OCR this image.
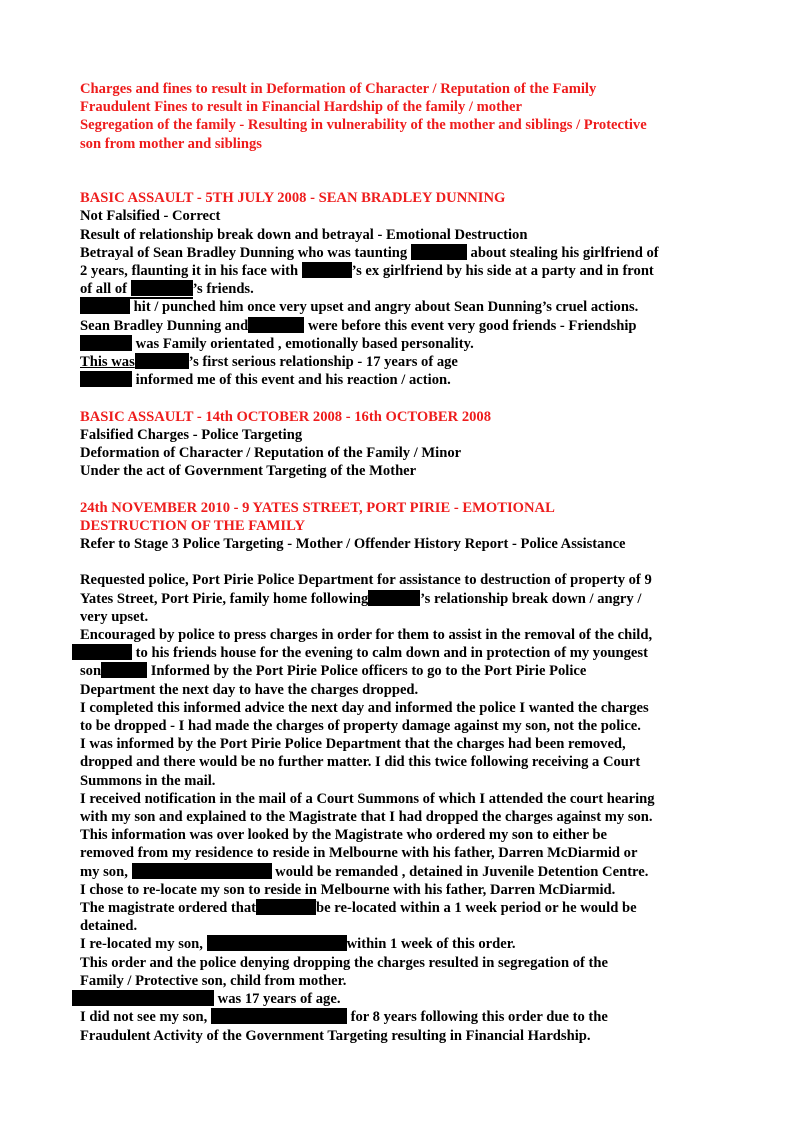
Charges and fines to result in Deformation of Character / Reputation of the Family

Fraudulent Fines to result in Financial Hardship of the family / mother

Segregation of the family - Resulting in vulnerability of the mother and siblings / Protective

son from mother and siblings

BASIC ASSAULT - 5TH JULY 2008 - SEAN BRADLEY DUNNING

Not Falsified - Correct

Result of relationship break down and betrayal - Emotional Destruction

Betrayal of Sean Bradley Dunning who was taunting	about stealing his girlfriend of

2 years, flaunting it in his face with	’s ex girlfriend by his side at a party and in front

of all of	’s friends.

hit / punched him once very upset and angry about Sean Dunning’s cruel actions.

Sean Bradley Dunning and	were before this event very good friends - Friendship

was Family orientated , emotionally based personality.

This was	’s first serious relationship - 17 years of age

informed me of this event and his reaction / action.

BASIC ASSAULT - 14th OCTOBER 2008 - 16th OCTOBER 2008

Falsified Charges - Police Targeting

Deformation of Character / Reputation of the Family / Minor

Under the act of Government Targeting of the Mother

24th NOVEMBER 2010 - 9 YATES STREET, PORT PIRIE - EMOTIONAL

DESTRUCTION OF THE FAMILY

Refer to Stage 3 Police Targeting - Mother / Offender History Report - Police Assistance

Requested police, Port Pirie Police Department for assistance to destruction of property of 9

Yates Street, Port Pirie, family home following	’s relationship break down / angry /

very upset.

Encouraged by police to press charges in order for them to assist in the removal of the child,

to his friends house for the evening to calm down and in protection of my youngest

son	Informed by the Port Pirie Police officers to go to the Port Pirie Police

Department the next day to have the charges dropped.

I completed this informed advice the next day and informed the police I wanted the charges

to be dropped - I had made the charges of property damage against my son, not the police.

I was informed by the Port Pirie Police Department that the charges had been removed,

dropped and there would be no further matter. I did this twice following receiving a Court

Summons in the mail.

I received notification in the mail of a Court Summons of which I attended the court hearing

with my son and explained to the Magistrate that I had dropped the charges against my son.

This information was over looked by the Magistrate who ordered my son to either be

removed from my residence to reside in Melbourne with his father, Darren McDiarmid or

my son,	would be remanded , detained in Juvenile Detention Centre.

I chose to re-locate my son to reside in Melbourne with his father, Darren McDiarmid.

The magistrate ordered that	be re-located within a 1 week period or he would be

detained.

I re-located my son,	within 1 week of this order.

This order and the police denying dropping the charges resulted in segregation of the

Family / Protective son, child from mother.

was 17 years of age.

I did not see my son,	for 8 years following this order due to the

Fraudulent Activity of the Government Targeting resulting in Financial Hardship.
